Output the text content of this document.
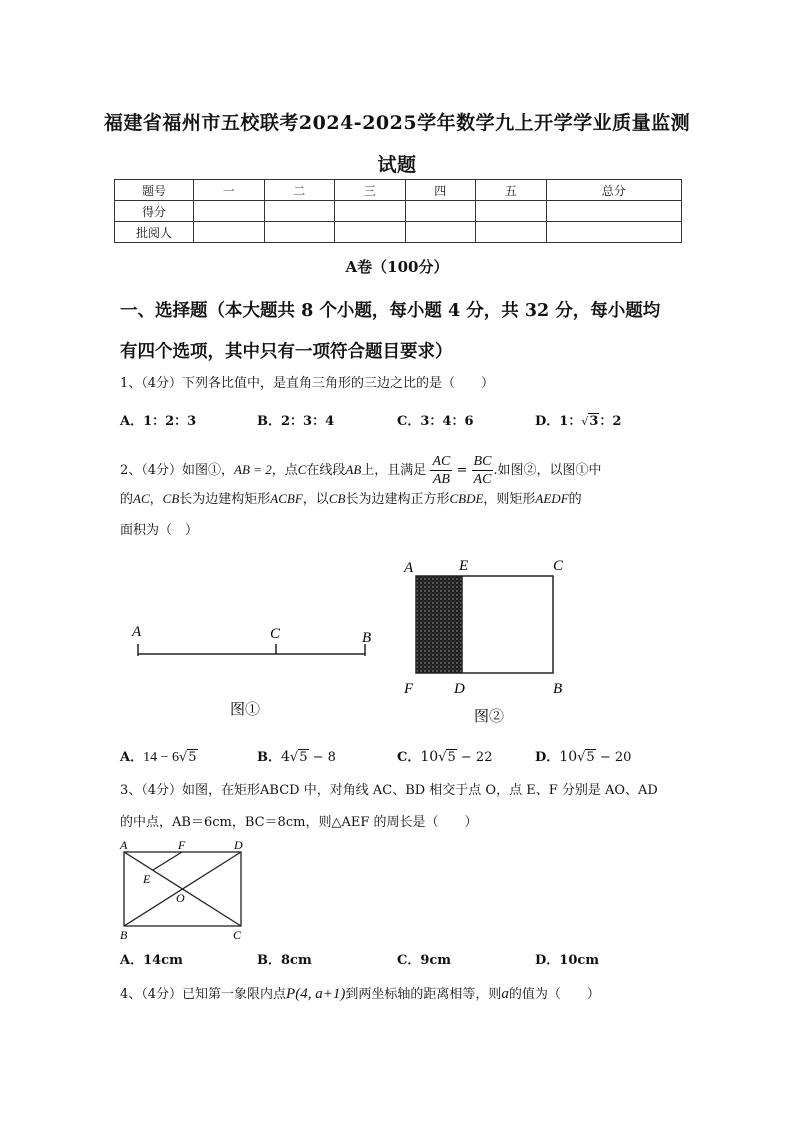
福建省福州市五校联考2024-2025学年数学九上开学学业质量监测
试题
题号	一	二	三	四	五	总分
得分						
批阅人						
A卷（100分）
一、选择题（本大题共 8 个小题，每小题 4 分，共 32 分，每小题均
有四个选项，其中只有一项符合题目要求）
1、（4分）下列各比值中，是直角三角形的三边之比的是（　　）
A．1：2：3	B．2：3：4	C．3：4：6	D．1：√3：2
2、（4分）如图①，AB = 2，点C在线段AB上，且满足 $\frac{AC}{AB} = \frac{BC}{AC}$ .如图②，以图①中
的AC，CB长为边建构矩形ACBF，以CB长为边建构正方形CBDE，则矩形AEDF的
面积为（　）
A	C	B
图①
A	E	C
F	D	B
图②
A．14 − 6√5	B．4√5 − 8	C．10√5 − 22	D．10√5 − 20
3、（4分）如图，在矩形ABCD 中，对角线 AC、BD 相交于点 O，点 E、F 分别是 AO、AD
的中点，AB＝6cm，BC＝8cm，则△AEF 的周长是（　　）
A	F	D
E
O
B	C
A．14cm	B．8cm	C．9cm	D．10cm
4、（4分）已知第一象限内点P(4, a+1)到两坐标轴的距离相等，则a的值为（　　）
